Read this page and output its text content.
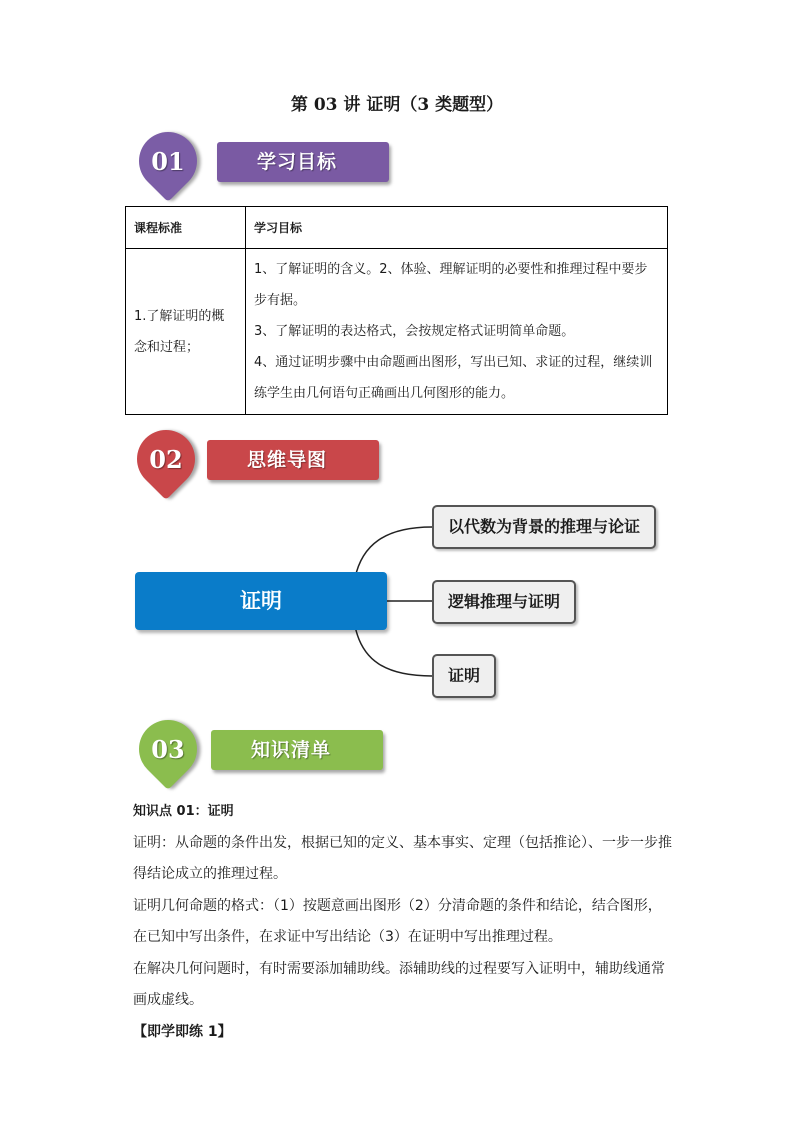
第 03 讲 证明（3 类题型）
01	学习目标
课程标准	学习目标
1.了解证明的概念和过程；	1、了解证明的含义。2、体验、理解证明的必要性和推理过程中要步步有据。
3、了解证明的表达格式，会按规定格式证明简单命题。
4、通过证明步骤中由命题画出图形，写出已知、求证的过程，继续训练学生由几何语句正确画出几何图形的能力。
02	思维导图
证明
以代数为背景的推理与论证
逻辑推理与证明
证明
03	知识清单

知识点 01：证明

证明：从命题的条件出发，根据已知的定义、基本事实、定理（包括推论）、一步一步推得结论成立的推理过程。

证明几何命题的格式：（1）按题意画出图形（2）分清命题的条件和结论，结合图形，在已知中写出条件，在求证中写出结论（3）在证明中写出推理过程。

在解决几何问题时，有时需要添加辅助线。添辅助线的过程要写入证明中，辅助线通常画成虚线。

【即学即练 1】
